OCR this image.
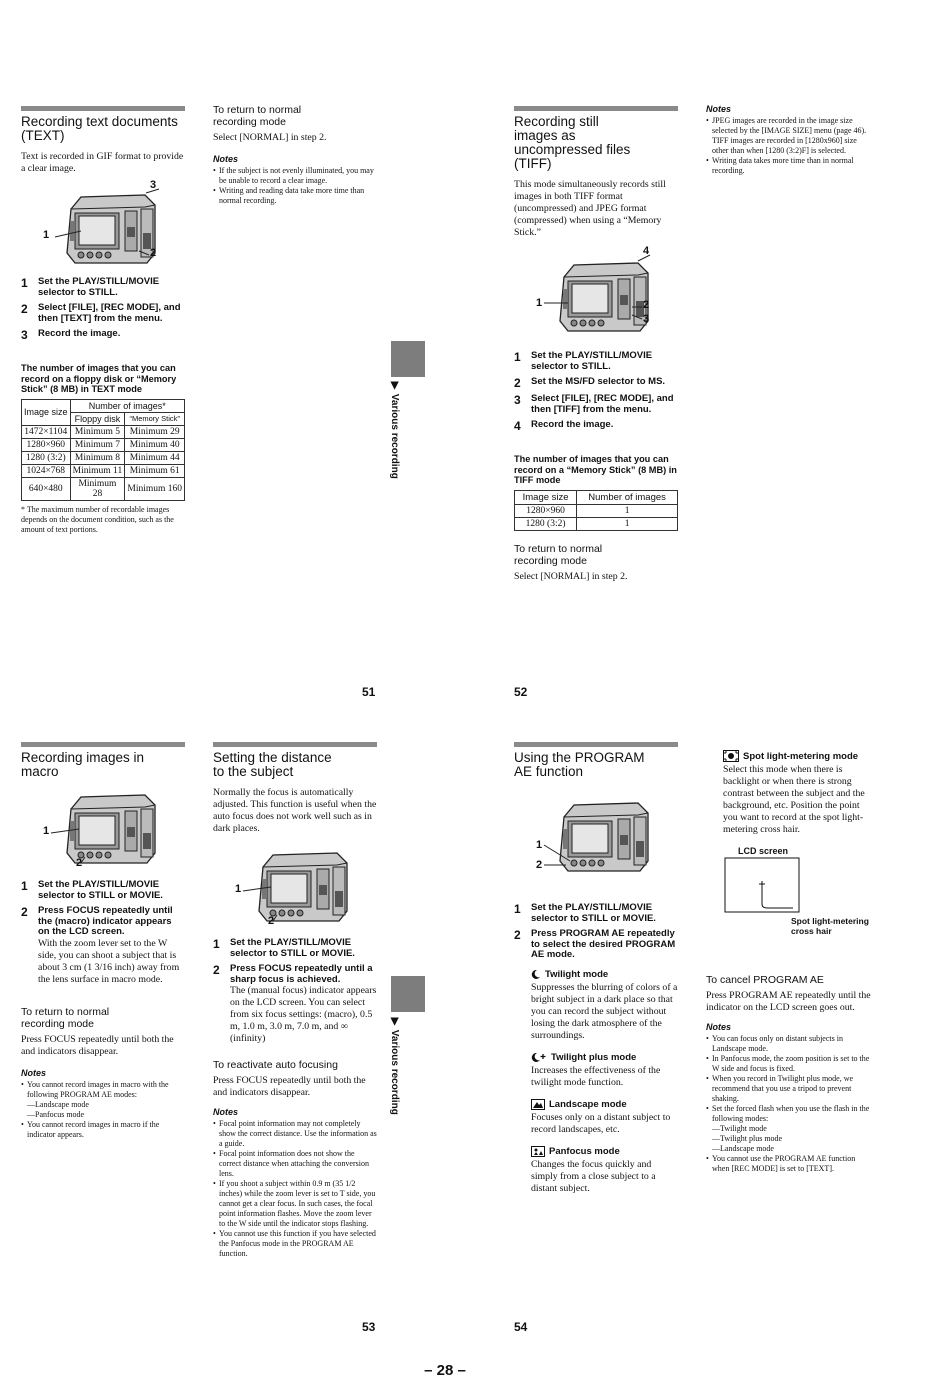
Recording text documents (TEXT)
Text is recorded in GIF format to provide a clear image.
3
1
2
1	Set the PLAY/STILL/MOVIE selector to STILL.
2	Select [FILE], [REC MODE], and then [TEXT] from the menu.
3	Record the image.
The number of images that you can record on a floppy disk or “Memory Stick” (8 MB) in TEXT mode
Image size	Number of images*	
	Floppy disk	“Memory Stick”
1472×1104	Minimum 5	Minimum 29
1280×960	Minimum 7	Minimum 40
1280 (3:2)	Minimum 8	Minimum 44
1024×768	Minimum 11	Minimum 61
640×480	Minimum 28	Minimum 160
* The maximum number of recordable images depends on the document condition, such as the amount of text portions.
To return to normal recording mode
Select [NORMAL] in step 2.
Notes
• If the subject is not evenly illuminated, you may be unable to record a clear image.
• Writing and reading data take more time than normal recording.
▶ Various recording
51
Recording still images as uncompressed files (TIFF)
This mode simultaneously records still images in both TIFF format (uncompressed) and JPEG format (compressed) when using a “Memory Stick.”
4
1	2
3
1	Set the PLAY/STILL/MOVIE selector to STILL.
2	Set the MS/FD selector to MS.
3	Select [FILE], [REC MODE], and then [TIFF] from the menu.
4	Record the image.
The number of images that you can record on a “Memory Stick” (8 MB) in TIFF mode
Image size	Number of images
1280×960	1
1280 (3:2)	1
To return to normal recording mode
Select [NORMAL] in step 2.
Notes
• JPEG images are recorded in the image size selected by the [IMAGE SIZE] menu (page 46). TIFF images are recorded in [1280x960] size other than when [1280 (3:2)F] is selected.
• Writing data takes more time than in normal recording.
52
Recording images in macro
1
2
1	Set the PLAY/STILL/MOVIE selector to STILL or MOVIE.
2	Press FOCUS repeatedly until the (macro) indicator appears on the LCD screen.
With the zoom lever set to the W side, you can shoot a subject that is about 3 cm (1 3/16 inch) away from the lens surface in macro mode.
To return to normal recording mode
Press FOCUS repeatedly until both the and indicators disappear.
Notes
• You cannot record images in macro with the following PROGRAM AE modes:
— Landscape mode
— Panfocus mode
• You cannot record images in macro if the indicator appears.
Setting the distance to the subject
Normally the focus is automatically adjusted. This function is useful when the auto focus does not work well such as in dark places.
1
2
1	Set the PLAY/STILL/MOVIE selector to STILL or MOVIE.
2	Press FOCUS repeatedly until a sharp focus is achieved.
The (manual focus) indicator appears on the LCD screen. You can select from six focus settings: (macro), 0.5 m, 1.0 m, 3.0 m, 7.0 m, and ∞ (infinity)
To reactivate auto focusing
Press FOCUS repeatedly until both the and indicators disappear.
Notes
• Focal point information may not completely show the correct distance. Use the information as a guide.
• Focal point information does not show the correct distance when attaching the conversion lens.
• If you shoot a subject within 0.9 m (35 1/2 inches) while the zoom lever is set to T side, you cannot get a clear focus. In such cases, the focal point information flashes. Move the zoom lever to the W side until the indicator stops flashing.
• You cannot use this function if you have selected the Panfocus mode in the PROGRAM AE function.
▶ Various recording
53
Using the PROGRAM AE function
1
2
1	Set the PLAY/STILL/MOVIE selector to STILL or MOVIE.
2	Press PROGRAM AE repeatedly to select the desired PROGRAM AE mode.
Twilight mode
Suppresses the blurring of colors of a bright subject in a dark place so that you can record the subject without losing the dark atmosphere of the surroundings.
Twilight plus mode
Increases the effectiveness of the twilight mode function.
Landscape mode
Focuses only on a distant subject to record landscapes, etc.
Panfocus mode
Changes the focus quickly and simply from a close subject to a distant subject.
Spot light-metering mode
Select this mode when there is backlight or when there is strong contrast between the subject and the background, etc. Position the point you want to record at the spot light-metering cross hair.
LCD screen
Spot light-metering cross hair
To cancel PROGRAM AE
Press PROGRAM AE repeatedly until the indicator on the LCD screen goes out.
Notes
• You can focus only on distant subjects in Landscape mode.
• In Panfocus mode, the zoom position is set to the W side and focus is fixed.
• When you record in Twilight plus mode, we recommend that you use a tripod to prevent shaking.
• Set the forced flash when you use the flash in the following modes:
— Twilight mode
— Twilight plus mode
— Landscape mode
• You cannot use the PROGRAM AE function when [REC MODE] is set to [TEXT].
54
– 28 –
